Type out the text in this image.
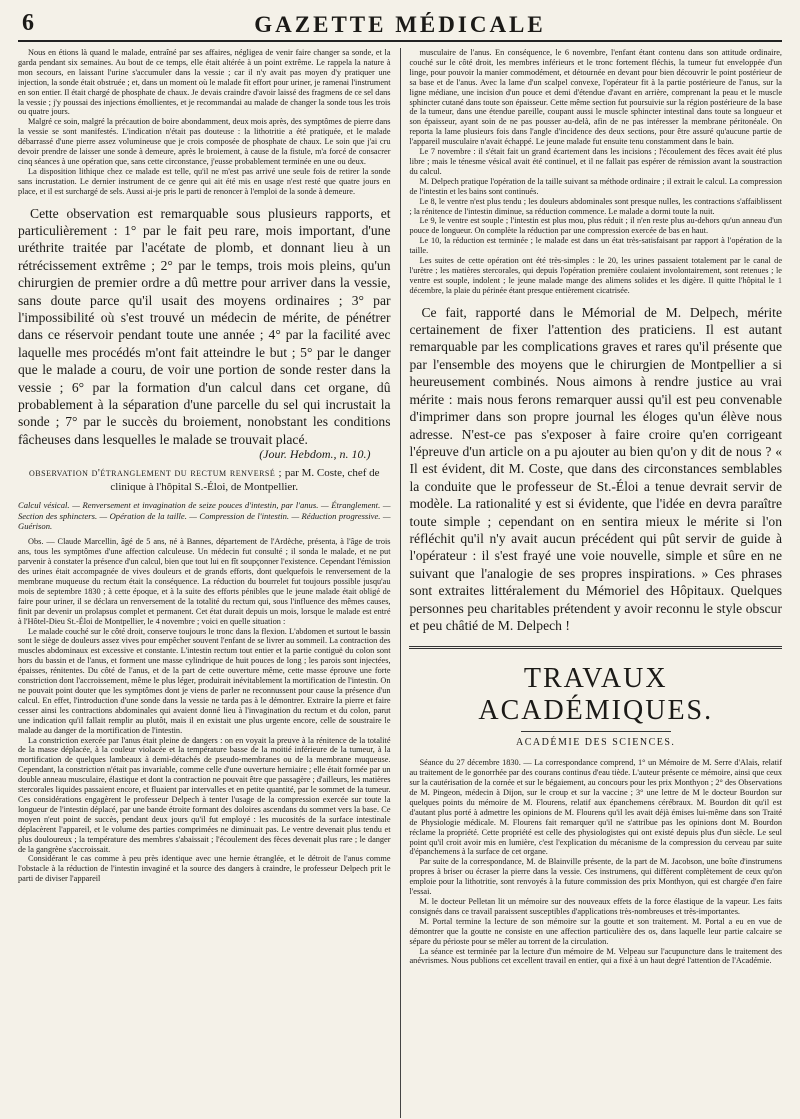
6	GAZETTE MÉDICALE

Nous en étions là quand le malade, entraîné par ses affaires, négligea de venir faire changer sa sonde, et la garda pendant six semaines. Au bout de ce temps, elle était altérée à un point extrême. Le rappela la nature à mon secours, en laissant l'urine s'accumuler dans la vessie ; car il n'y avait pas moyen d'y pratiquer une injection, la sonde était obstruée ; et, dans un moment où le malade fit effort pour uriner, je ramenai l'instrument en son entier. Il était chargé de phosphate de chaux. Je devais craindre d'avoir laissé des fragmens de ce sel dans la vessie ; j'y poussai des injections émollientes, et je recommandai au malade de changer la sonde tous les trois ou quatre jours.

Malgré ce soin, malgré la précaution de boire abondamment, deux mois après, des symptômes de pierre dans la vessie se sont manifestés. L'indication n'était pas douteuse : la lithotritie a été pratiquée, et le malade débarrassé d'une pierre assez volumineuse que je crois composée de phosphate de chaux. Le soin que j'ai cru devoir prendre de laisser une sonde à demeure, après le broiement, à cause de la fistule, m'a forcé de consacrer cinq séances à une opération que, sans cette circonstance, j'eusse probablement terminée en une ou deux.

La disposition lithique chez ce malade est telle, qu'il ne m'est pas arrivé une seule fois de retirer la sonde sans incrustation. Le dernier instrument de ce genre qui ait été mis en usage n'est resté que quatre jours en place, et il est surchargé de sels. Aussi ai-je pris le parti de renoncer à l'emploi de la sonde à demeure.

Cette observation est remarquable sous plusieurs rapports, et particulièrement : 1° par le fait peu rare, mois important, d'une uréthrite traitée par l'acétate de plomb, et donnant lieu à un rétrécissement extrême ; 2° par le temps, trois mois pleins, qu'un chirurgien de premier ordre a dû mettre pour arriver dans la vessie, sans doute parce qu'il usait des moyens ordinaires ; 3° par l'impossibilité où s'est trouvé un médecin de mérite, de pénétrer dans ce réservoir pendant toute une année ; 4° par la facilité avec laquelle mes procédés m'ont fait atteindre le but ; 5° par le danger que le malade a couru, de voir une portion de sonde rester dans la vessie ; 6° par la formation d'un calcul dans cet organe, dû probablement à la séparation d'une parcelle du sel qui incrustait la sonde ; 7° par le succès du broiement, nonobstant les conditions fâcheuses dans lesquelles le malade se trouvait placé.

(Jour. Hebdom., n. 10.)
observation d'étranglement du rectum renversé ; par M. Coste, chef de clinique à l'hôpital S.-Éloi, de Montpellier.
Calcul vésical. — Renversement et invagination de seize pouces d'intestin, par l'anus. — Étranglement. — Section des sphincters. — Opération de la taille. — Compression de l'intestin. — Réduction progressive. — Guérison.

Obs. — Claude Marcellin, âgé de 5 ans, né à Bannes, département de l'Ardèche, présenta, à l'âge de trois ans, tous les symptômes d'une affection calculeuse. Un médecin fut consulté ; il sonda le malade, et ne put parvenir à constater la présence d'un calcul, bien que tout lui en fît soupçonner l'existence. Cependant l'émission des urines était accompagnée de vives douleurs et de grands efforts, dont quelquefois le renversement de la membrane muqueuse du rectum était la conséquence. La réduction du bourrelet fut toujours possible jusqu'au mois de septembre 1830 ; à cette époque, et à la suite des efforts pénibles que le jeune malade était obligé de faire pour uriner, il se déclara un renversement de la totalité du rectum qui, sous l'influence des mêmes causes, finit par devenir un prolapsus complet et permanent. Cet état durait depuis un mois, lorsque le malade est entré à l'Hôtel-Dieu St.-Éloi de Montpellier, le 4 novembre ; voici en quelle situation :

Le malade couché sur le côté droit, conserve toujours le tronc dans la flexion. L'abdomen et surtout le bassin sont le siège de douleurs assez vives pour empêcher souvent l'enfant de se livrer au sommeil. La contraction des muscles abdominaux est excessive et constante. L'intestin rectum tout entier et la partie contiguë du colon sont hors du bassin et de l'anus, et forment une masse cylindrique de huit pouces de long ; les parois sont injectées, épaisses, rénitentes. Du côté de l'anus, et de la part de cette ouverture même, cette masse éprouve une forte constriction dont l'accroissement, même le plus léger, produirait inévitablement la mortification de l'intestin. On ne pouvait point douter que les symptômes dont je viens de parler ne reconnussent pour cause la présence d'un calcul. En effet, l'introduction d'une sonde dans la vessie ne tarda pas à le démontrer. Extraire la pierre et faire cesser ainsi les contractions abdominales qui avaient donné lieu à l'invagination du rectum et du colon, parut une indication qu'il fallait remplir au plutôt, mais il en existait une plus urgente encore, celle de soustraire le malade au danger de la mortification de l'intestin.

La constriction exercée par l'anus était pleine de dangers : on en voyait la preuve à la rénitence de la totalité de la masse déplacée, à la couleur violacée et la température basse de la moitié inférieure de la tumeur, à la mortification de quelques lambeaux à demi-détachés de pseudo-membranes ou de la membrane muqueuse. Cependant, la constriction n'était pas invariable, comme celle d'une ouverture herniaire ; elle était formée par un double anneau musculaire, élastique et dont la contraction ne pouvait être que passagère ; d'ailleurs, les matières stercorales liquides passaient encore, et fluaient par intervalles et en petite quantité, par le sommet de la tumeur. Ces considérations engagèrent le professeur Delpech à tenter l'usage de la compression exercée sur toute la longueur de l'intestin déplacé, par une bande étroite formant des doloires ascendans du sommet vers la base. Ce moyen n'eut point de succès, pendant deux jours qu'il fut employé : les mucosités de la surface intestinale déplacèrent l'appareil, et le volume des parties comprimées ne diminuait pas. Le ventre devenait plus tendu et plus douloureux ; la température des membres s'abaissait ; l'écoulement des fèces devenait plus rare ; le danger de la gangrène s'accroissait.

Considérant le cas comme à peu près identique avec une hernie étranglée, et le détroit de l'anus comme l'obstacle à la réduction de l'intestin invaginé et la source des dangers à craindre, le professeur Delpech prit le parti de diviser l'appareil

musculaire de l'anus. En conséquence, le 6 novembre, l'enfant étant contenu dans son attitude ordinaire, couché sur le côté droit, les membres inférieurs et le tronc fortement fléchis, la tumeur fut enveloppée d'un linge, pour pouvoir la manier commodément, et détournée en devant pour bien découvrir le point postérieur de sa base et de l'anus. Avec la lame d'un scalpel convexe, l'opérateur fit à la partie postérieure de l'anus, sur la ligne médiane, une incision d'un pouce et demi d'étendue d'avant en arrière, comprenant la peau et le muscle sphincter cutané dans toute son épaisseur. Cette même section fut poursuivie sur la région postérieure de la base de la tumeur, dans une étendue pareille, coupant aussi le muscle sphincter intestinal dans toute sa longueur et son épaisseur, ayant soin de ne pas pousser au-delà, afin de ne pas intéresser la membrane péritonéale. On reporta la lame plusieurs fois dans l'angle d'incidence des deux sections, pour être assuré qu'aucune partie de l'appareil musculaire n'avait échappé. Le jeune malade fut ensuite tenu constamment dans le bain.

Le 7 novembre : il s'était fait un grand écartement dans les incisions ; l'écoulement des fèces avait été plus libre ; mais le ténesme vésical avait été continuel, et il ne fallait pas espérer de rémission avant la soustraction du calcul.

M. Delpech pratique l'opération de la taille suivant sa méthode ordinaire ; il extrait le calcul. La compression de l'intestin et les bains sont continués.

Le 8, le ventre n'est plus tendu ; les douleurs abdominales sont presque nulles, les contractions s'affaiblissent ; la rénitence de l'intestin diminue, sa réduction commence. Le malade a dormi toute la nuit.

Le 9, le ventre est souple ; l'intestin est plus mou, plus réduit ; il n'en reste plus au-dehors qu'un anneau d'un pouce de longueur. On complète la réduction par une compression exercée de bas en haut.

Le 10, la réduction est terminée ; le malade est dans un état très-satisfaisant par rapport à l'opération de la taille.

Les suites de cette opération ont été très-simples : le 20, les urines passaient totalement par le canal de l'urètre ; les matières stercorales, qui depuis l'opération première coulaient involontairement, sont retenues ; le ventre est souple, indolent ; le jeune malade mange des alimens solides et les digère. Il quitte l'hôpital le 1 décembre, la plaie du périnée étant presque entièrement cicatrisée.

Ce fait, rapporté dans le Mémorial de M. Delpech, mérite certainement de fixer l'attention des praticiens. Il est autant remarquable par les complications graves et rares qu'il présente que par l'ensemble des moyens que le chirurgien de Montpellier a si heureusement combinés. Nous aimons à rendre justice au vrai mérite : mais nous ferons remarquer aussi qu'il est peu convenable d'imprimer dans son propre journal les éloges qu'un élève nous adresse. N'est-ce pas s'exposer à faire croire qu'en corrigeant l'épreuve d'un article on a pu ajouter au bien qu'on y dit de nous ? « Il est évident, dit M. Coste, que dans des circonstances semblables la conduite que le professeur de St.-Éloi a tenue devrait servir de modèle. La rationalité y est si évidente, que l'idée en devra paraître toute simple ; cependant on en sentira mieux le mérite si l'on réfléchit qu'il n'y avait aucun précédent qui pût servir de guide à l'opérateur : il s'est frayé une voie nouvelle, simple et sûre en ne suivant que l'analogie de ses propres inspirations. » Ces phrases sont extraites littéralement du Mémoriel des Hôpitaux. Quelques personnes peu charitables prétendent y avoir reconnu le style obscur et peu châtié de M. Delpech !

TRAVAUX ACADÉMIQUES.
ACADÉMIE DES SCIENCES.

Séance du 27 décembre 1830. — La correspondance comprend, 1° un Mémoire de M. Serre d'Alais, relatif au traitement de le gonorrhée par des courans continus d'eau tiède. L'auteur présente ce mémoire, ainsi que ceux sur la cautérisation de la cornée et sur le bégaiement, au concours pour les prix Monthyon ; 2° des Observations de M. Pingeon, médecin à Dijon, sur le croup et sur la vaccine ; 3° une lettre de M le docteur Bourdon sur quelques points du mémoire de M. Flourens, relatif aux épanchemens cérébraux. M. Bourdon dit qu'il est d'autant plus porté à admettre les opinions de M. Flourens qu'il les avait déjà émises lui-même dans son Traité de Physiologie médicale. M. Flourens fait remarquer qu'il ne s'attribue pas les opinions dont M. Bourdon réclame la propriété. Cette propriété est celle des physiologistes qui ont existé depuis plus d'un siècle. Le seul point qu'il croit avoir mis en lumière, c'est l'explication du mécanisme de la compression du cerveau par suite d'épanchemens à la surface de cet organe.

Par suite de la correspondance, M. de Blainville présente, de la part de M. Jacobson, une boîte d'instrumens propres à briser ou écraser la pierre dans la vessie. Ces instrumens, qui diffèrent complètement de ceux qu'on emploie pour la lithotritie, sont renvoyés à la future commission des prix Monthyon, qui est chargée d'en faire l'essai.

M. le docteur Pelletan lit un mémoire sur des nouveaux effets de la force élastique de la vapeur. Les faits consignés dans ce travail paraissent susceptibles d'applications très-nombreuses et très-importantes.

M. Portal termine la lecture de son mémoire sur la goutte et son traitement. M. Portal a eu en vue de démontrer que la goutte ne consiste en une affection particulière des os, dans laquelle leur partie calcaire se sépare du périoste pour se mêler au torrent de la circulation.

La séance est terminée par la lecture d'un mémoire de M. Velpeau sur l'acupuncture dans le traitement des anévrismes. Nous publions cet excellent travail en entier, qui a fixé à un haut degré l'attention de l'Académie.
